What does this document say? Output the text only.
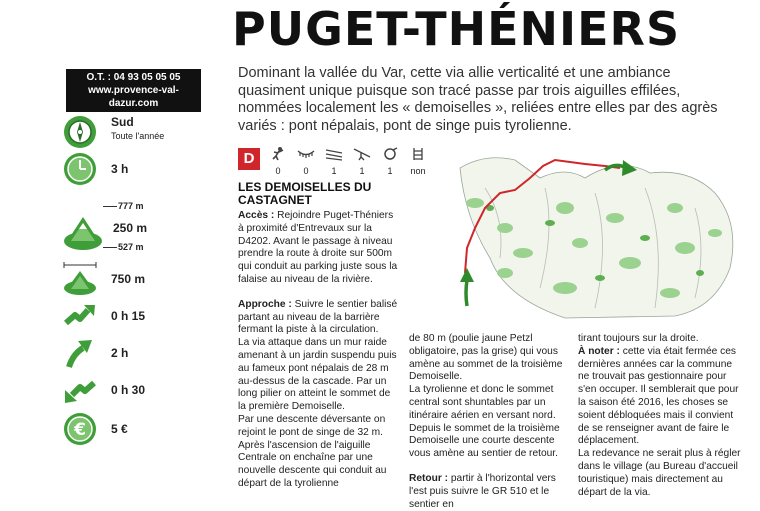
PUGET-THÉNIERS
O.T. : 04 93 05 05 05
www.provence-val-dazur.com
Dominant la vallée du Var, cette via allie verticalité et une ambiance quasiment unique puisque son tracé passe par trois aiguilles effilées, nommées localement les « demoiselles », reliées entre elles par des agrès variés : pont népalais, pont de singe puis tyrolienne.
Sud
Toute l'année
3 h
777 m
250 m
527 m
750 m
0 h 15
2 h
0 h 30
€ 5 €
D
0	0	1	1	1	non
LES DEMOISELLES DU CASTAGNET

Accès : Rejoindre Puget-Théniers à proximité d'Entrevaux sur la D4202. Avant le passage à niveau prendre la route à droite sur 500m qui conduit au parking juste sous la falaise au niveau de la rivière.

Approche : Suivre le sentier balisé partant au niveau de la barrière fermant la piste à la circulation.

La via attaque dans un mur raide amenant à un jardin suspendu puis au fameux pont népalais de 28 m au-dessus de la cascade. Par un long pilier on atteint le sommet de la première Demoiselle.

Par une descente déversante on rejoint le pont de singe de 32 m.

Après l'ascension de l'aiguille Centrale on enchaîne par une nouvelle descente qui conduit au départ de la tyrolienne

de 80 m (poulie jaune Petzl obligatoire, pas la grise) qui vous amène au sommet de la troisième Demoiselle.

La tyrolienne et donc le sommet central sont shuntables par un itinéraire aérien en versant nord.

Depuis le sommet de la troisième Demoiselle une courte descente vous amène au sentier de retour.

Retour : partir à l'horizontal vers l'est puis suivre le GR 510 et le sentier en

tirant toujours sur la droite.

À noter : cette via était fermée ces dernières années car la commune ne trouvait pas gestionnaire pour s'en occuper. Il semblerait que pour la saison été 2016, les choses se soient débloquées mais il convient de se renseigner avant de faire le déplacement.

La redevance ne serait plus à régler dans le village (au Bureau d'accueil touristique) mais directement au départ de la via.
